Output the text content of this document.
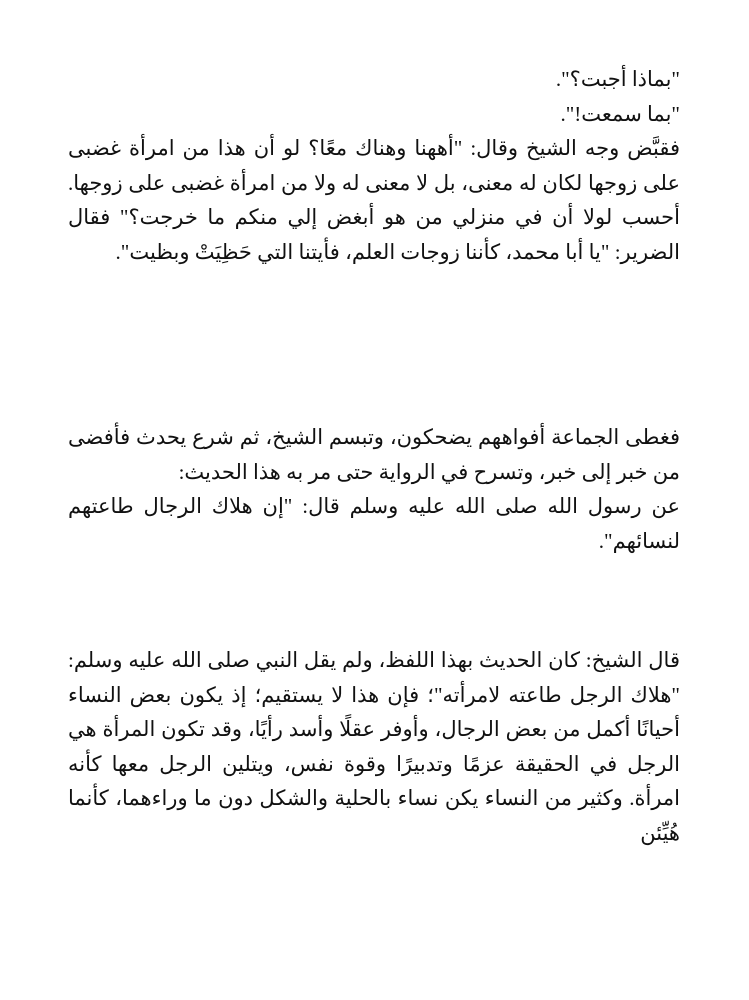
"بماذا أجبت؟".

"بما سمعت!".

فقبَّض وجه الشيخ وقال: "أههنا وهناك معًا؟ لو أن هذا من امرأة غضبى على زوجها لكان له معنى، بل لا معنى له ولا من امرأة غضبى على زوجها. أحسب لولا أن في منزلي من هو أبغض إلي منكم ما خرجت؟" فقال الضرير: "يا أبا محمد، كأننا زوجات العلم، فأيتنا التي حَظِيَتْ وبظيت".

فغطى الجماعة أفواههم يضحكون، وتبسم الشيخ، ثم شرع يحدث فأفضى من خبر إلى خبر، وتسرح في الرواية حتى مر به هذا الحديث:

عن رسول الله صلى الله عليه وسلم قال: "إن هلاك الرجال طاعتهم لنسائهم".

قال الشيخ: كان الحديث بهذا اللفظ، ولم يقل النبي صلى الله عليه وسلم: "هلاك الرجل طاعته لامرأته"؛ فإن هذا لا يستقيم؛ إذ يكون بعض النساء أحيانًا أكمل من بعض الرجال، وأوفر عقلًا وأسد رأيًا، وقد تكون المرأة هي الرجل في الحقيقة عزمًا وتدبيرًا وقوة نفس، ويتلين الرجل معها كأنه امرأة. وكثير من النساء يكن نساء بالحلية والشكل دون ما وراءهما، كأنما هُيِّئن
